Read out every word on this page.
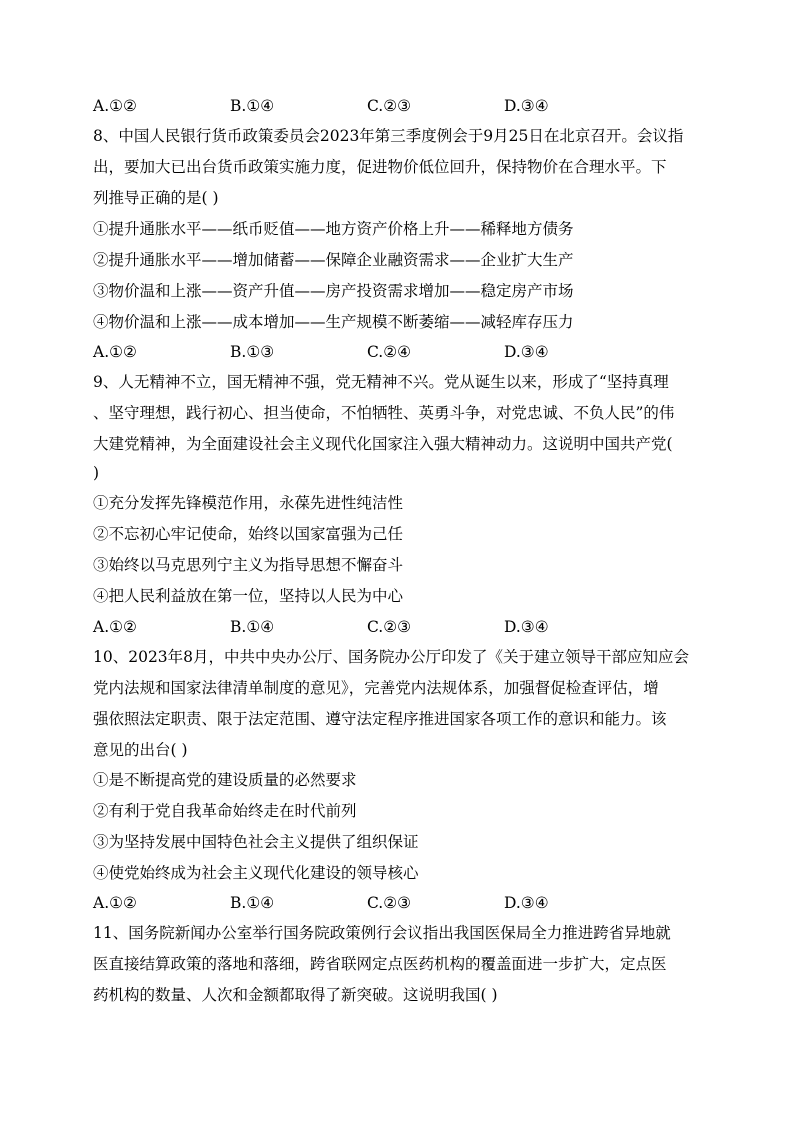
A.①②	B.①④	C.②③	D.③④
8、中国人民银行货币政策委员会2023年第三季度例会于9月25日在北京召开。会议指
出，要加大已出台货币政策实施力度，促进物价低位回升，保持物价在合理水平。下
列推导正确的是( )
①提升通胀水平——纸币贬值——地方资产价格上升——稀释地方债务
②提升通胀水平——增加储蓄——保障企业融资需求——企业扩大生产
③物价温和上涨——资产升值——房产投资需求增加——稳定房产市场
④物价温和上涨——成本增加——生产规模不断萎缩——减轻库存压力
A.①②	B.①③	C.②④	D.③④
9、人无精神不立，国无精神不强，党无精神不兴。党从诞生以来，形成了“坚持真理
、坚守理想，践行初心、担当使命，不怕牺牲、英勇斗争，对党忠诚、不负人民”的伟
大建党精神，为全面建设社会主义现代化国家注入强大精神动力。这说明中国共产党(
)
①充分发挥先锋模范作用，永葆先进性纯洁性
②不忘初心牢记使命，始终以国家富强为己任
③始终以马克思列宁主义为指导思想不懈奋斗
④把人民利益放在第一位，坚持以人民为中心
A.①②	B.①④	C.②③	D.③④
10、2023年8月，中共中央办公厅、国务院办公厅印发了《关于建立领导干部应知应会
党内法规和国家法律清单制度的意见》，完善党内法规体系，加强督促检查评估，增
强依照法定职责、限于法定范围、遵守法定程序推进国家各项工作的意识和能力。该
意见的出台( )
①是不断提高党的建设质量的必然要求
②有利于党自我革命始终走在时代前列
③为坚持发展中国特色社会主义提供了组织保证
④使党始终成为社会主义现代化建设的领导核心
A.①②	B.①④	C.②③	D.③④
11、国务院新闻办公室举行国务院政策例行会议指出我国医保局全力推进跨省异地就
医直接结算政策的落地和落细，跨省联网定点医药机构的覆盖面进一步扩大，定点医
药机构的数量、人次和金额都取得了新突破。这说明我国( )
